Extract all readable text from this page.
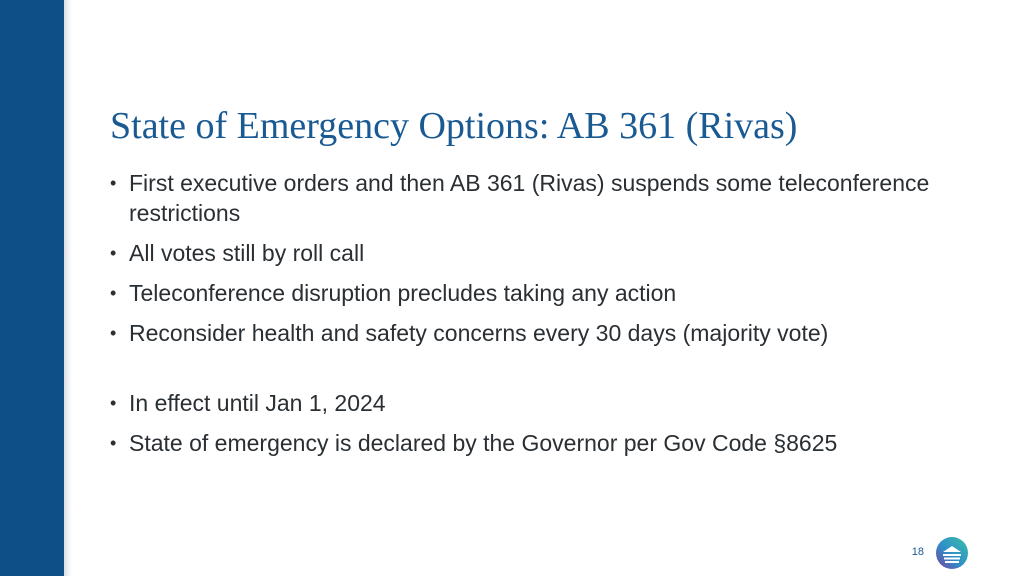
State of Emergency Options: AB 361 (Rivas)
• First executive orders and then AB 361 (Rivas) suspends some teleconference restrictions
• All votes still by roll call
• Teleconference disruption precludes taking any action
• Reconsider health and safety concerns every 30 days (majority vote)
• In effect until Jan 1, 2024
• State of emergency is declared by the Governor per Gov Code §8625
18
